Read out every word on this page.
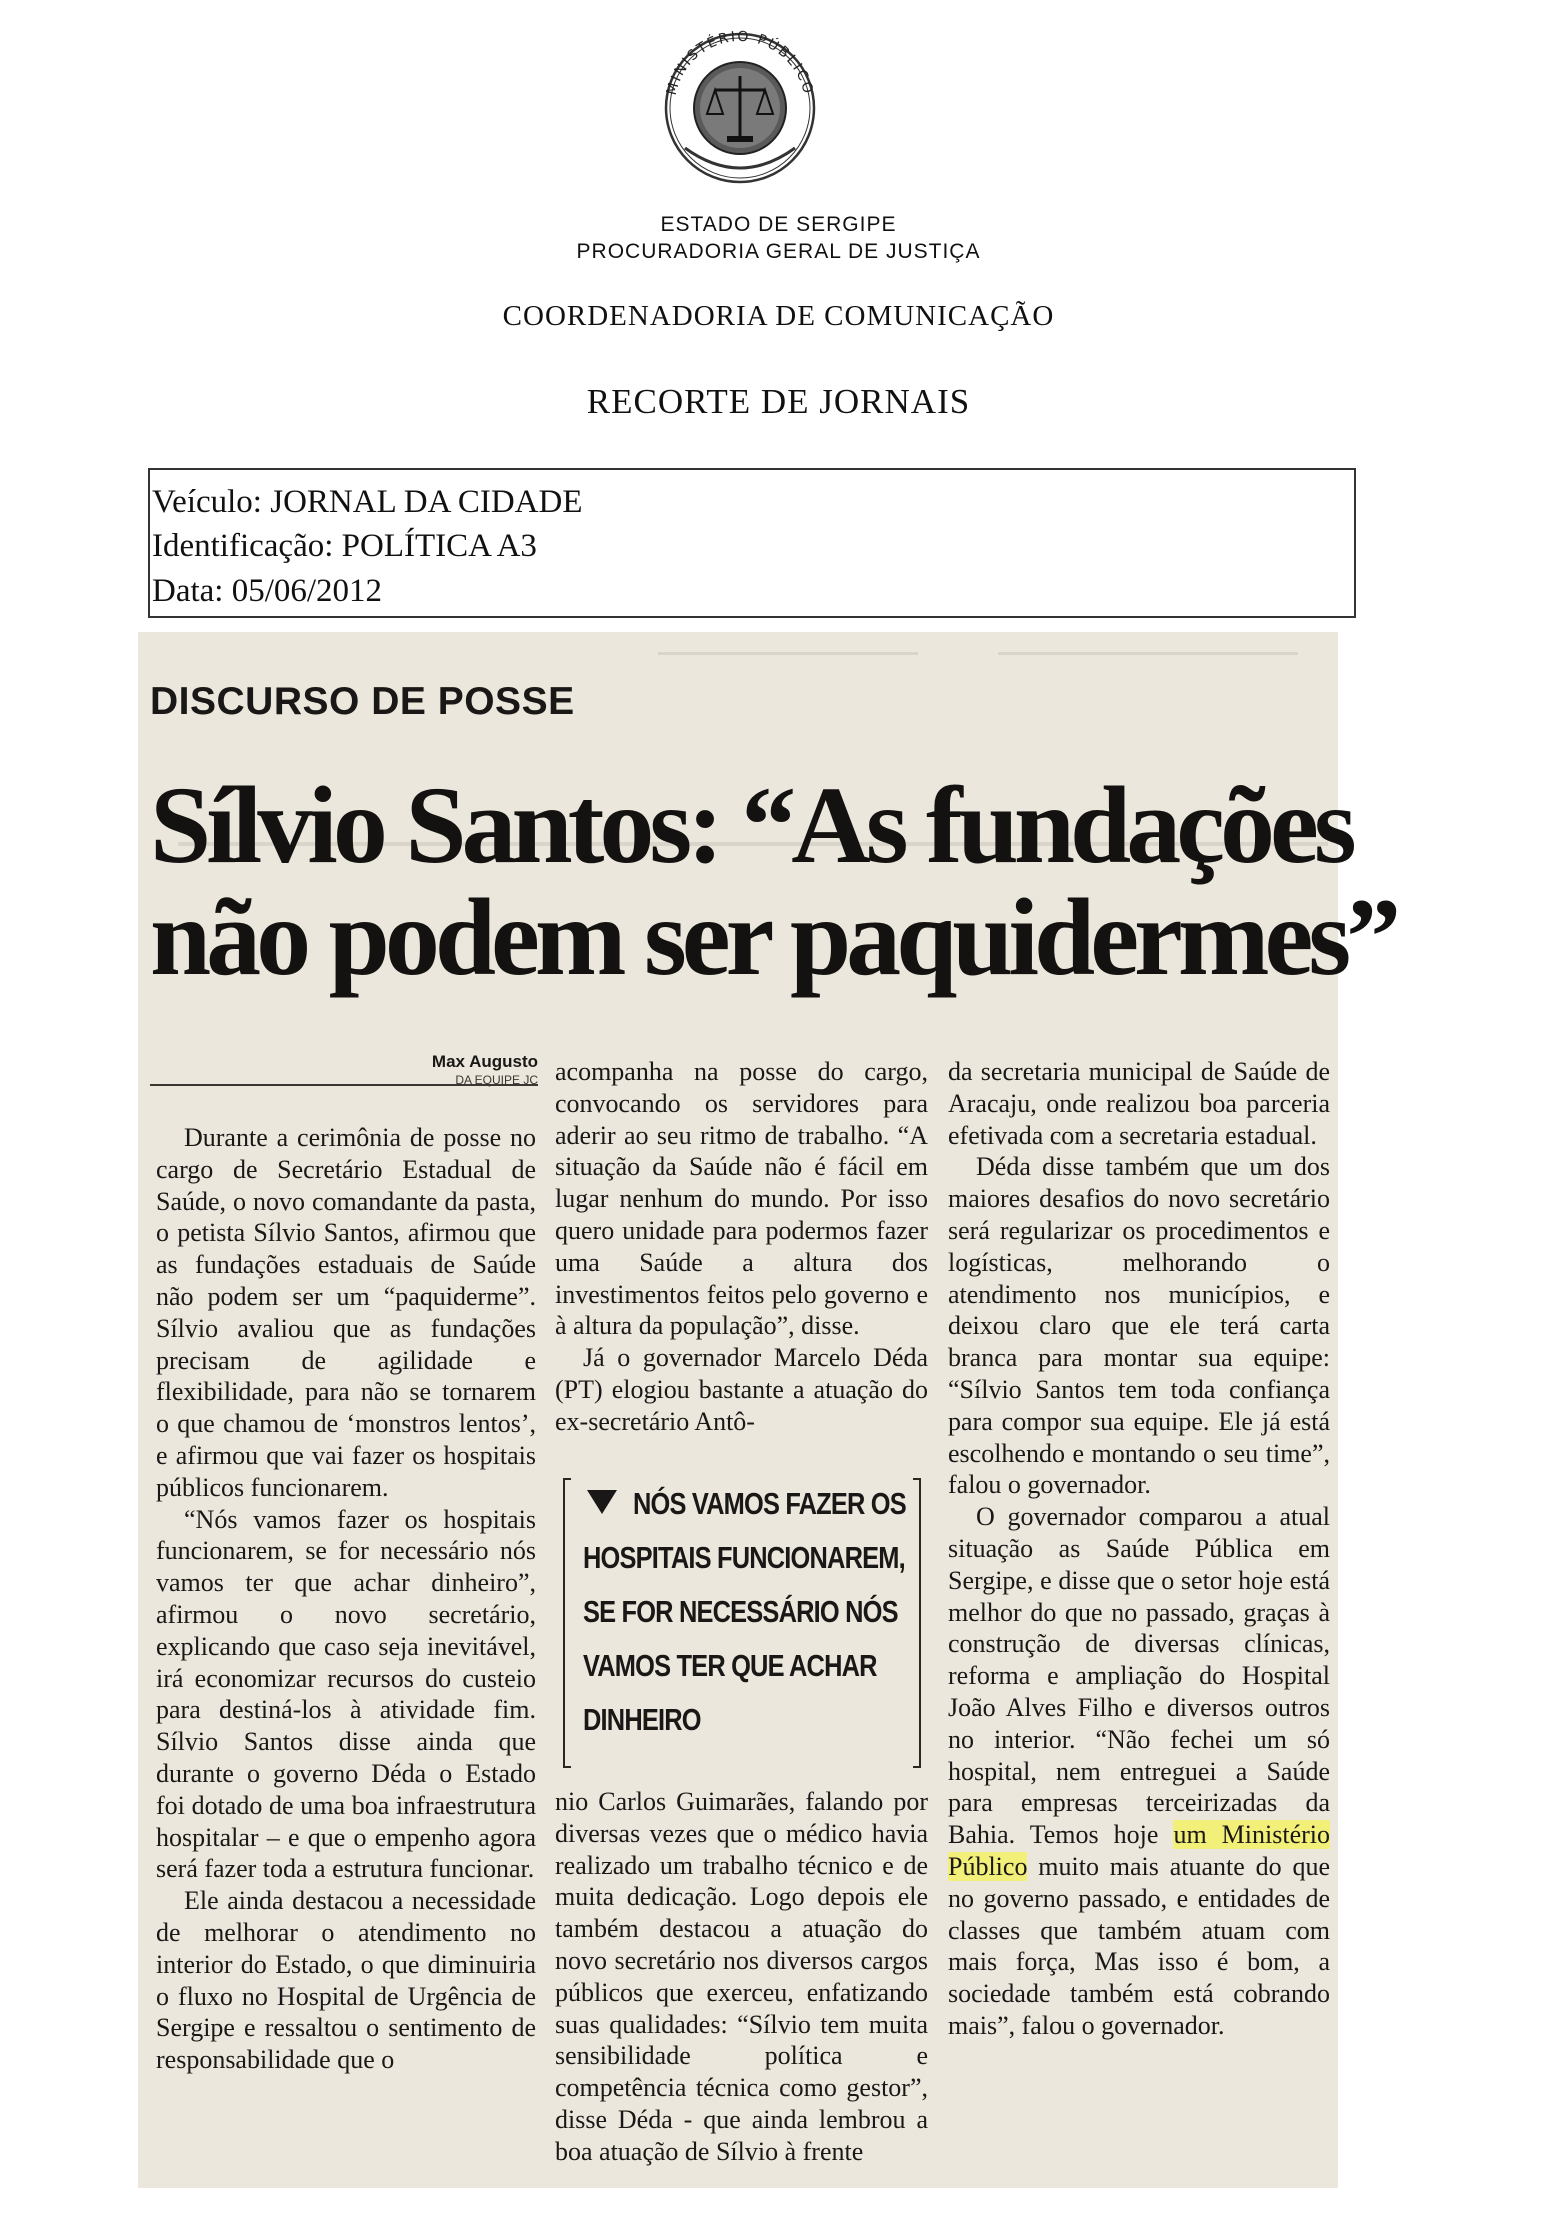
MINISTÉRIO PÚBLICO
ESTADO DE SERGIPE
PROCURADORIA GERAL DE JUSTIÇA
COORDENADORIA DE COMUNICAÇÃO
RECORTE DE JORNAIS
Veículo: JORNAL DA CIDADE
Identificação: POLÍTICA A3
Data: 05/06/2012
DISCURSO DE POSSE
Sílvio Santos: “As fundações
não podem ser paquidermes”
Max Augusto
DA EQUIPE JC

Durante a cerimônia de posse no cargo de Secretário Estadual de Saúde, o novo comandante da pasta, o petista Sílvio Santos, afirmou que as fundações estaduais de Saúde não podem ser um “paquiderme”. Sílvio avaliou que as fundações precisam de agilidade e flexibilidade, para não se tornarem o que chamou de ‘monstros lentos’, e afirmou que vai fazer os hospitais públicos funcionarem.

“Nós vamos fazer os hospitais funcionarem, se for necessário nós vamos ter que achar dinheiro”, afirmou o novo secretário, explicando que caso seja inevitável, irá economizar recursos do custeio para destiná-los à atividade fim. Sílvio Santos disse ainda que durante o governo Déda o Estado foi dotado de uma boa infraestrutura hospitalar – e que o empenho agora será fazer toda a estrutura funcionar.

Ele ainda destacou a necessidade de melhorar o atendimento no interior do Estado, o que diminuiria o fluxo no Hospital de Urgência de Sergipe e ressaltou o sentimento de responsabilidade que o

acompanha na posse do cargo, convocando os servidores para aderir ao seu ritmo de trabalho. “A situação da Saúde não é fácil em lugar nenhum do mundo. Por isso quero unidade para podermos fazer uma Saúde a altura dos investimentos feitos pelo governo e à altura da população”, disse.

Já o governador Marcelo Déda (PT) elogiou bastante a atuação do ex-secretário Antô-

NÓS VAMOS FAZER OS
HOSPITAIS FUNCIONAREM,
SE FOR NECESSÁRIO NÓS
VAMOS TER QUE ACHAR
DINHEIRO

nio Carlos Guimarães, falando por diversas vezes que o médico havia realizado um trabalho técnico e de muita dedicação. Logo depois ele também destacou a atuação do novo secretário nos diversos cargos públicos que exerceu, enfatizando suas qualidades: “Sílvio tem muita sensibilidade política e competência técnica como gestor”, disse Déda - que ainda lembrou a boa atuação de Sílvio à frente

da secretaria municipal de Saúde de Aracaju, onde realizou boa parceria efetivada com a secretaria estadual.

Déda disse também que um dos maiores desafios do novo secretário será regularizar os procedimentos e logísticas, melhorando o atendimento nos municípios, e deixou claro que ele terá carta branca para montar sua equipe: “Sílvio Santos tem toda confiança para compor sua equipe. Ele já está escolhendo e montando o seu time”, falou o governador.

O governador comparou a atual situação as Saúde Pública em Sergipe, e disse que o setor hoje está melhor do que no passado, graças à construção de diversas clínicas, reforma e ampliação do Hospital João Alves Filho e diversos outros no interior. “Não fechei um só hospital, nem entreguei a Saúde para empresas terceirizadas da Bahia. Temos hoje um Ministério Público muito mais atuante do que no governo passado, e entidades de classes que também atuam com mais força, Mas isso é bom, a sociedade também está cobrando mais”, falou o governador.
